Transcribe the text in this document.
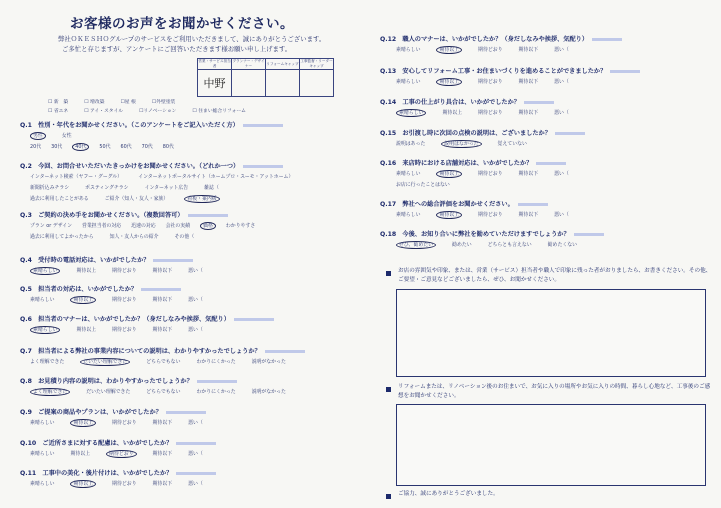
お客様のお声をお聞かせください。
弊社ＯＫＥＳＨＯグループのサービスをご利用いただきまして、誠にありがとうございます。
ご多忙と存じますが、アンケートにご回答いただきます様お願い申し上げます。
営業・サービス担当者	プランナー・デザイナー	リフォームキャップ	工事監督・リーダーキャップ
中野			
☐ 新　築	☐ 増改築	☐屋 根	☐外壁塗装
☐ 省エネ	☐ アイ・スタイル	☐リノベーション	☐ 住まい総合リフォーム
Q.1　性別・年代をお聞かせください。（このアンケートをご記入いただく方）
男性	女性
20代 30代	40代	50代 60代 70代 80代
Q.2　今回、お問合せいただいたきっかけをお聞かせください。（どれか一つ）
インターネット検索（ヤフー・グーグル）	インターネットポータルサイト（ホームプロ・スーモ・アットホーム）
新聞折込みチラシ	ポスティングチラシ	インターネット広告	雑誌（
過去に利用したことがある	ご紹介（知人・友人・家族）	看板・案内板
Q.3　ご契約の決め手をお聞かせください。（複数回答可）
プラン or デザイン 営業担当者の対応 迅速の対応 会社の実績	価格	わかりやすさ
過去に利用してよかったから	知人・友人からの紹介	その他（
Q.4　受付時の電話対応は、いかがでしたか？
素晴らしい	期待以上	期待どおり	期待以下	悪い（
Q.5　担当者の対応は、いかがでしたか？
素晴らしい	期待以上	期待どおり	期待以下	悪い（
Q.6　担当者のマナーは、いかがでしたか？（身だしなみや挨拶、気配り）
素晴らしい	期待以上	期待どおり	期待以下	悪い（
Q.7　担当者による弊社の事業内容についての説明は、わかりやすかったでしょうか？
よく理解できた	だいたい理解できた	どちらでもない	わかりにくかった	説明がなかった
Q.8　お見積り内容の説明は、わかりやすかったでしょうか？
よく理解できた	だいたい理解できた	どちらでもない	わかりにくかった	説明がなかった
Q.9　ご提案の商品やプランは、いかがでしたか？
素晴らしい	期待以上	期待どおり	期待以下	悪い（
Q.10　ご近所さまに対する配慮は、いかがでしたか？
素晴らしい	期待以上	期待どおり	期待以下	悪い（
Q.11　工事中の美化・後片付けは、いかがでしたか？
素晴らしい	期待以上	期待どおり	期待以下	悪い（
Q.12　職人のマナーは、いかがでしたか？（身だしなみや挨拶、気配り）
素晴らしい	期待以上	期待どおり	期待以下	悪い（
Q.13　安心してリフォーム工事・お住まいづくりを進めることができましたか？
素晴らしい	期待以上	期待どおり	期待以下	悪い（
Q.14　工事の仕上がり具合は、いかがでしたか？
素晴らしい	期待以上	期待どおり	期待以下	悪い（
Q.15　お引渡し時に次回の点検の説明は、ございましたか？
説明はあった	説明はなかった	覚えていない
Q.16　来店時における店舗対応は、いかがでしたか？
素晴らしい	期待以上	期待どおり	期待以下	悪い（
お店に行ったことはない
Q.17　弊社への総合評価をお聞かせください。
素晴らしい	期待以上	期待どおり	期待以下	悪い（
Q.18　今後、お知り合いに弊社を勧めていただけますでしょうか？
ぜひ、勧めたい	勧めたい	どちらとも言えない	勧めたくない
お店の雰囲気や印象、または、営業（サービス）担当者や職人で印象に残った者がおりましたら、お書きください。その他、ご要望・ご意見などございましたら、ぜひ、お聞かせください。
リフォームまたは、リノベーション後のお住まいで、お気に入りの場所やお気に入りの時間、暮らし心地など、工事後のご感想をお聞かせください。
ご協力、誠にありがとうございました。
